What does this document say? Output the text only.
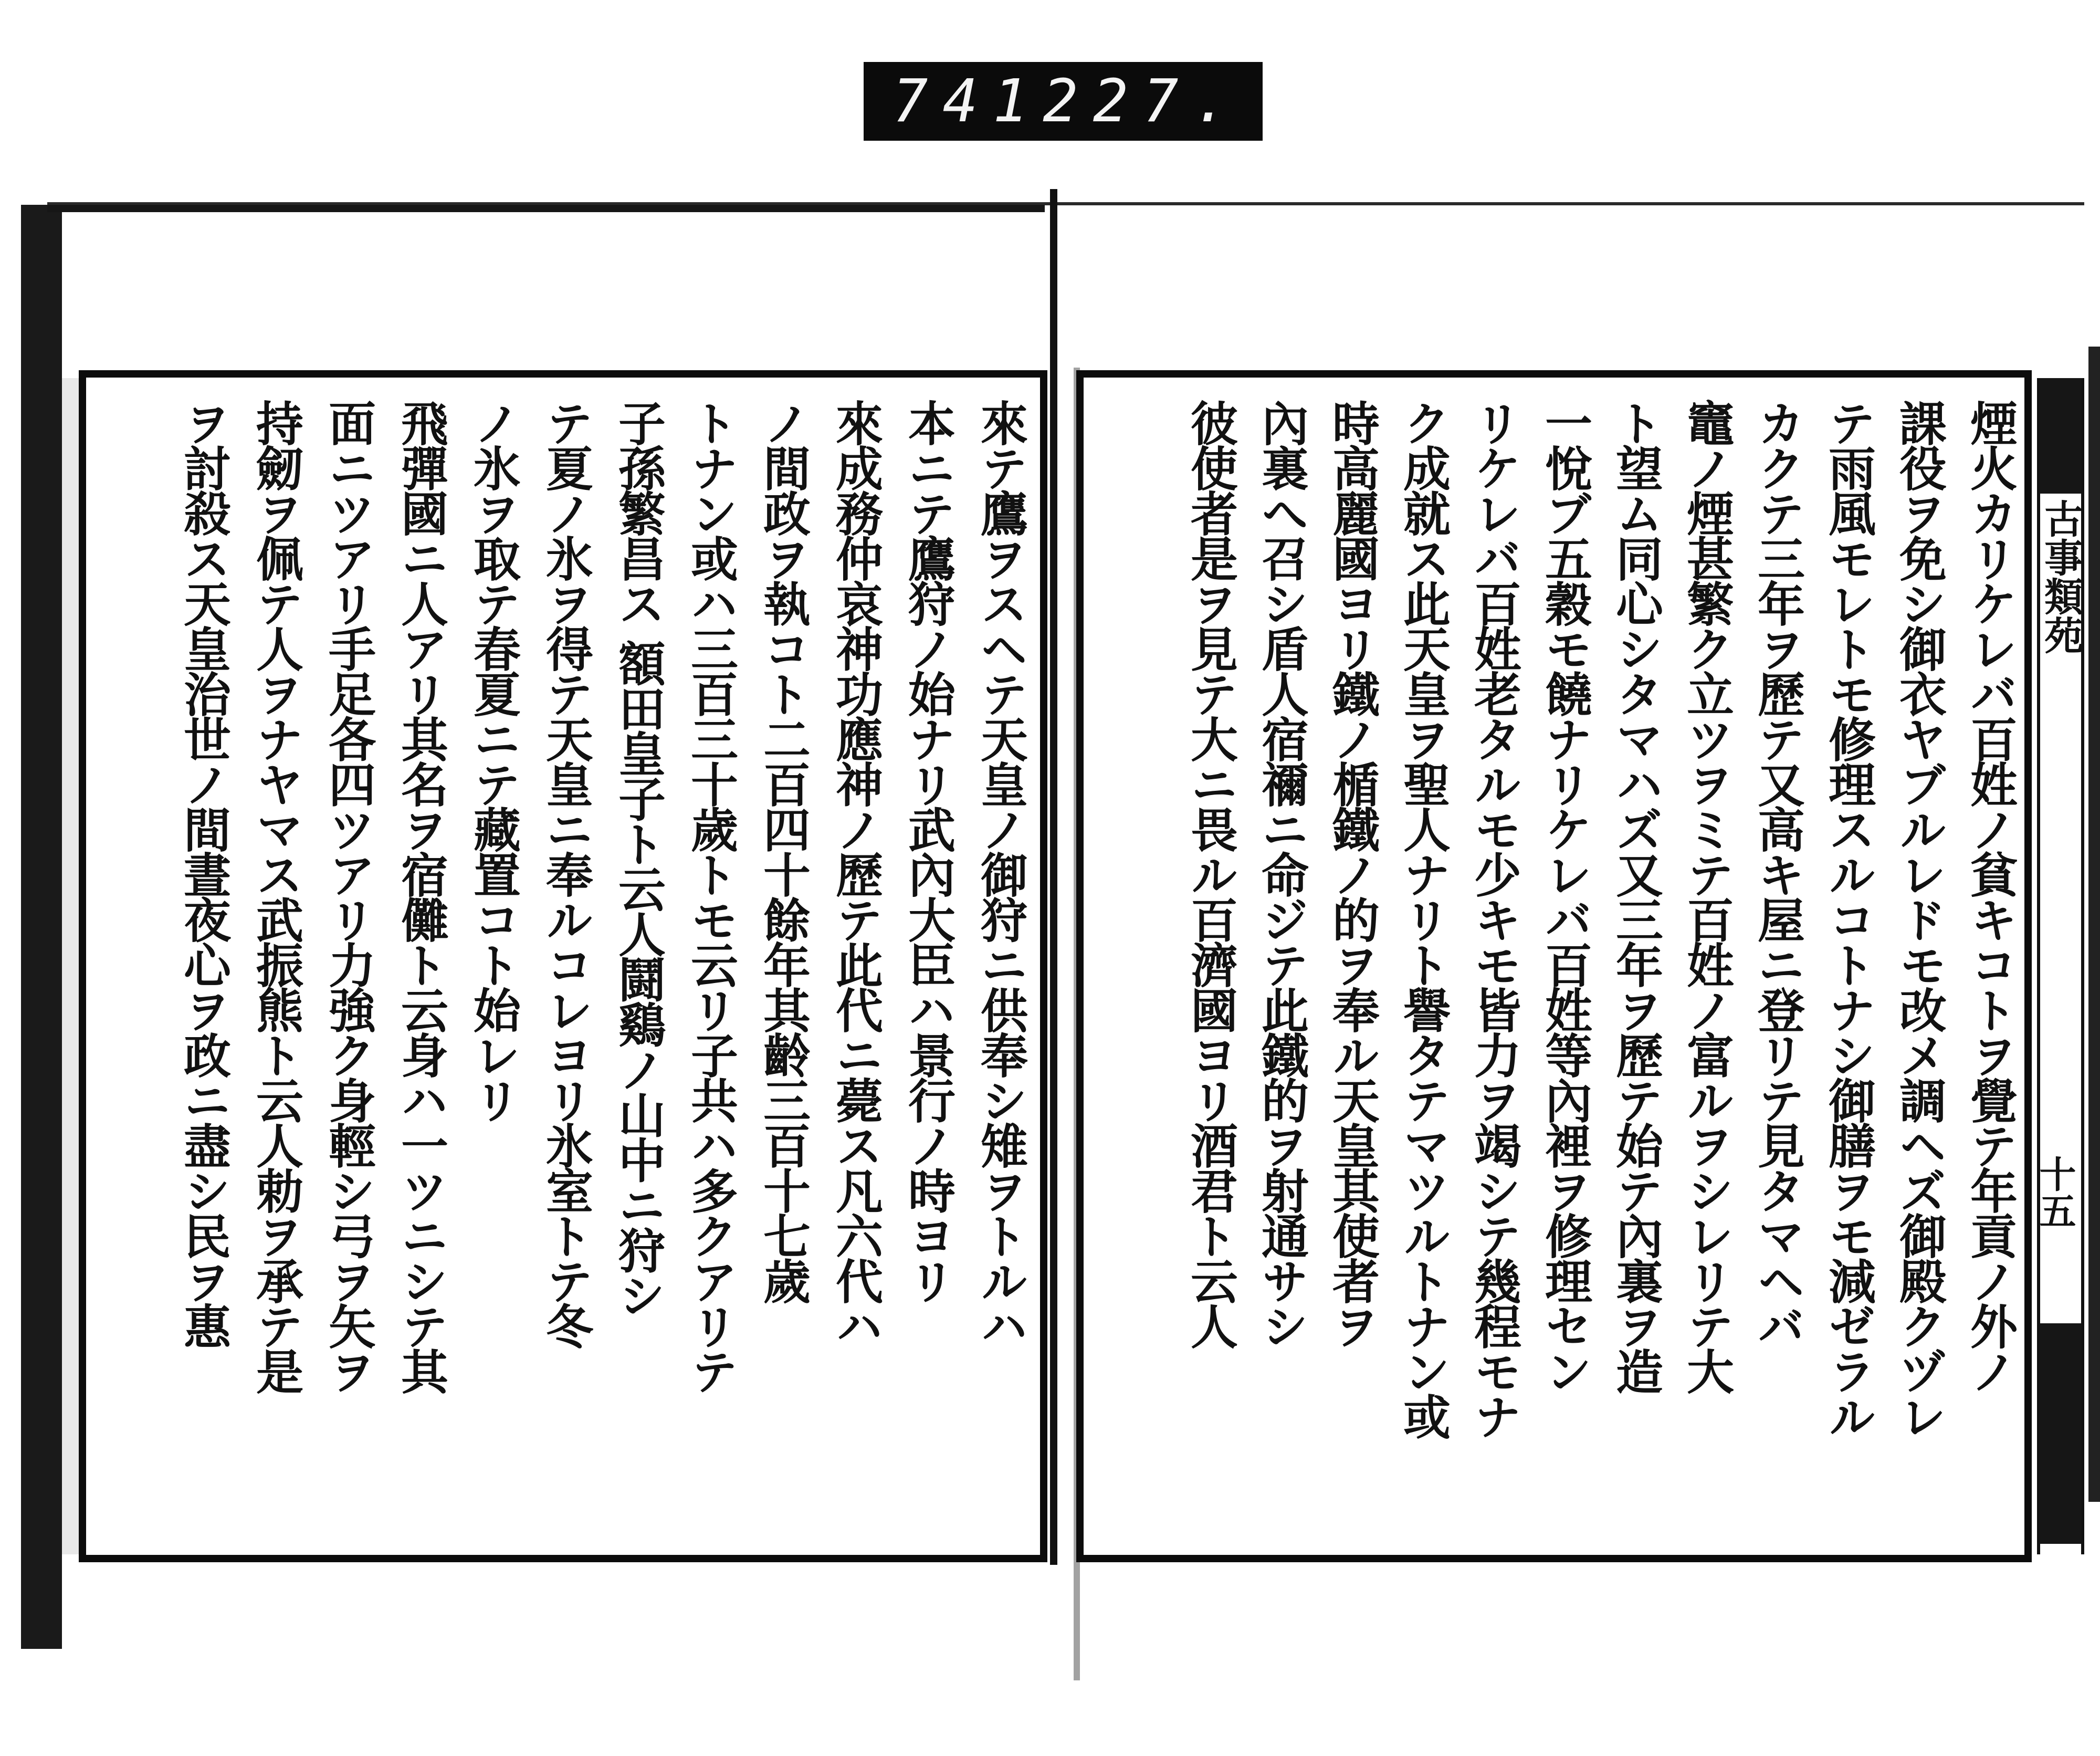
741 227.
古事類苑
十五
煙火カリケレバ百姓ノ貧キコトヲ覺テ年貢ノ外ノ
課役ヲ免シ御衣ヤブルレドモ改メ調ヘズ御殿クヅレ
テ雨風モレトモ修理スルコトナシ御膳ヲモ減ゼラル
カクテ三年ヲ歷テ又高キ屋ニ登リテ見タマヘバ
竈ノ煙甚繁ク立ツヲミテ百姓ノ富ルヲシレリテ大
ト望ム同心シタマハズ又三年ヲ歷テ始テ內裏ヲ造
一悅ブ五穀モ饒ナリケレバ百姓等內裡ヲ修理セン
リケレバ百姓老タルモ少キモ皆力ヲ竭シテ幾程モナ
ク成就ス此天皇ヲ聖人ナリト譽タテマツルトナン或
時高麗國ヨリ鐵ノ楯鐵ノ的ヲ奉ル天皇其使者ヲ
內裏へ召シ盾人宿禰ニ命ジテ此鐵的ヲ射通サシ
彼使者是ヲ見テ大ニ畏ル百濟國ヨリ酒君ト云人
來テ鷹ヲスヘテ天皇ノ御狩ニ供奉シ雉ヲトルハ
本ニテ鷹狩ノ始ナリ武內大臣ハ景行ノ時ヨリ
來成務仲哀神功應神ノ歷テ此代ニ薨ス凡六代ハ
ノ間政ヲ執コト二百四十餘年其齡三百十七歲
トナン或ハ三百三十歲トモ云リ子共ハ多クアリテ
子孫繁昌ス 額田皇子ト云人鬪鷄ノ山中ニ狩シ
テ夏ノ氷ヲ得テ天皇ニ奉ルコレヨリ氷室トテ冬
ノ氷ヲ取テ春夏ニテ藏置コト始レリ
飛彈國ニ人アリ其名ヲ宿儺ト云身ハ一ツニシテ其
面ニツアリ手足各四ツアリ力強ク身輕シ弓ヲ矢ヲ
持劒ヲ佩テ人ヲナヤマス武振熊ト云人勅ヲ承テ是
ヲ討殺ス天皇治世ノ間晝夜心ヲ政ニ盡シ民ヲ惠
